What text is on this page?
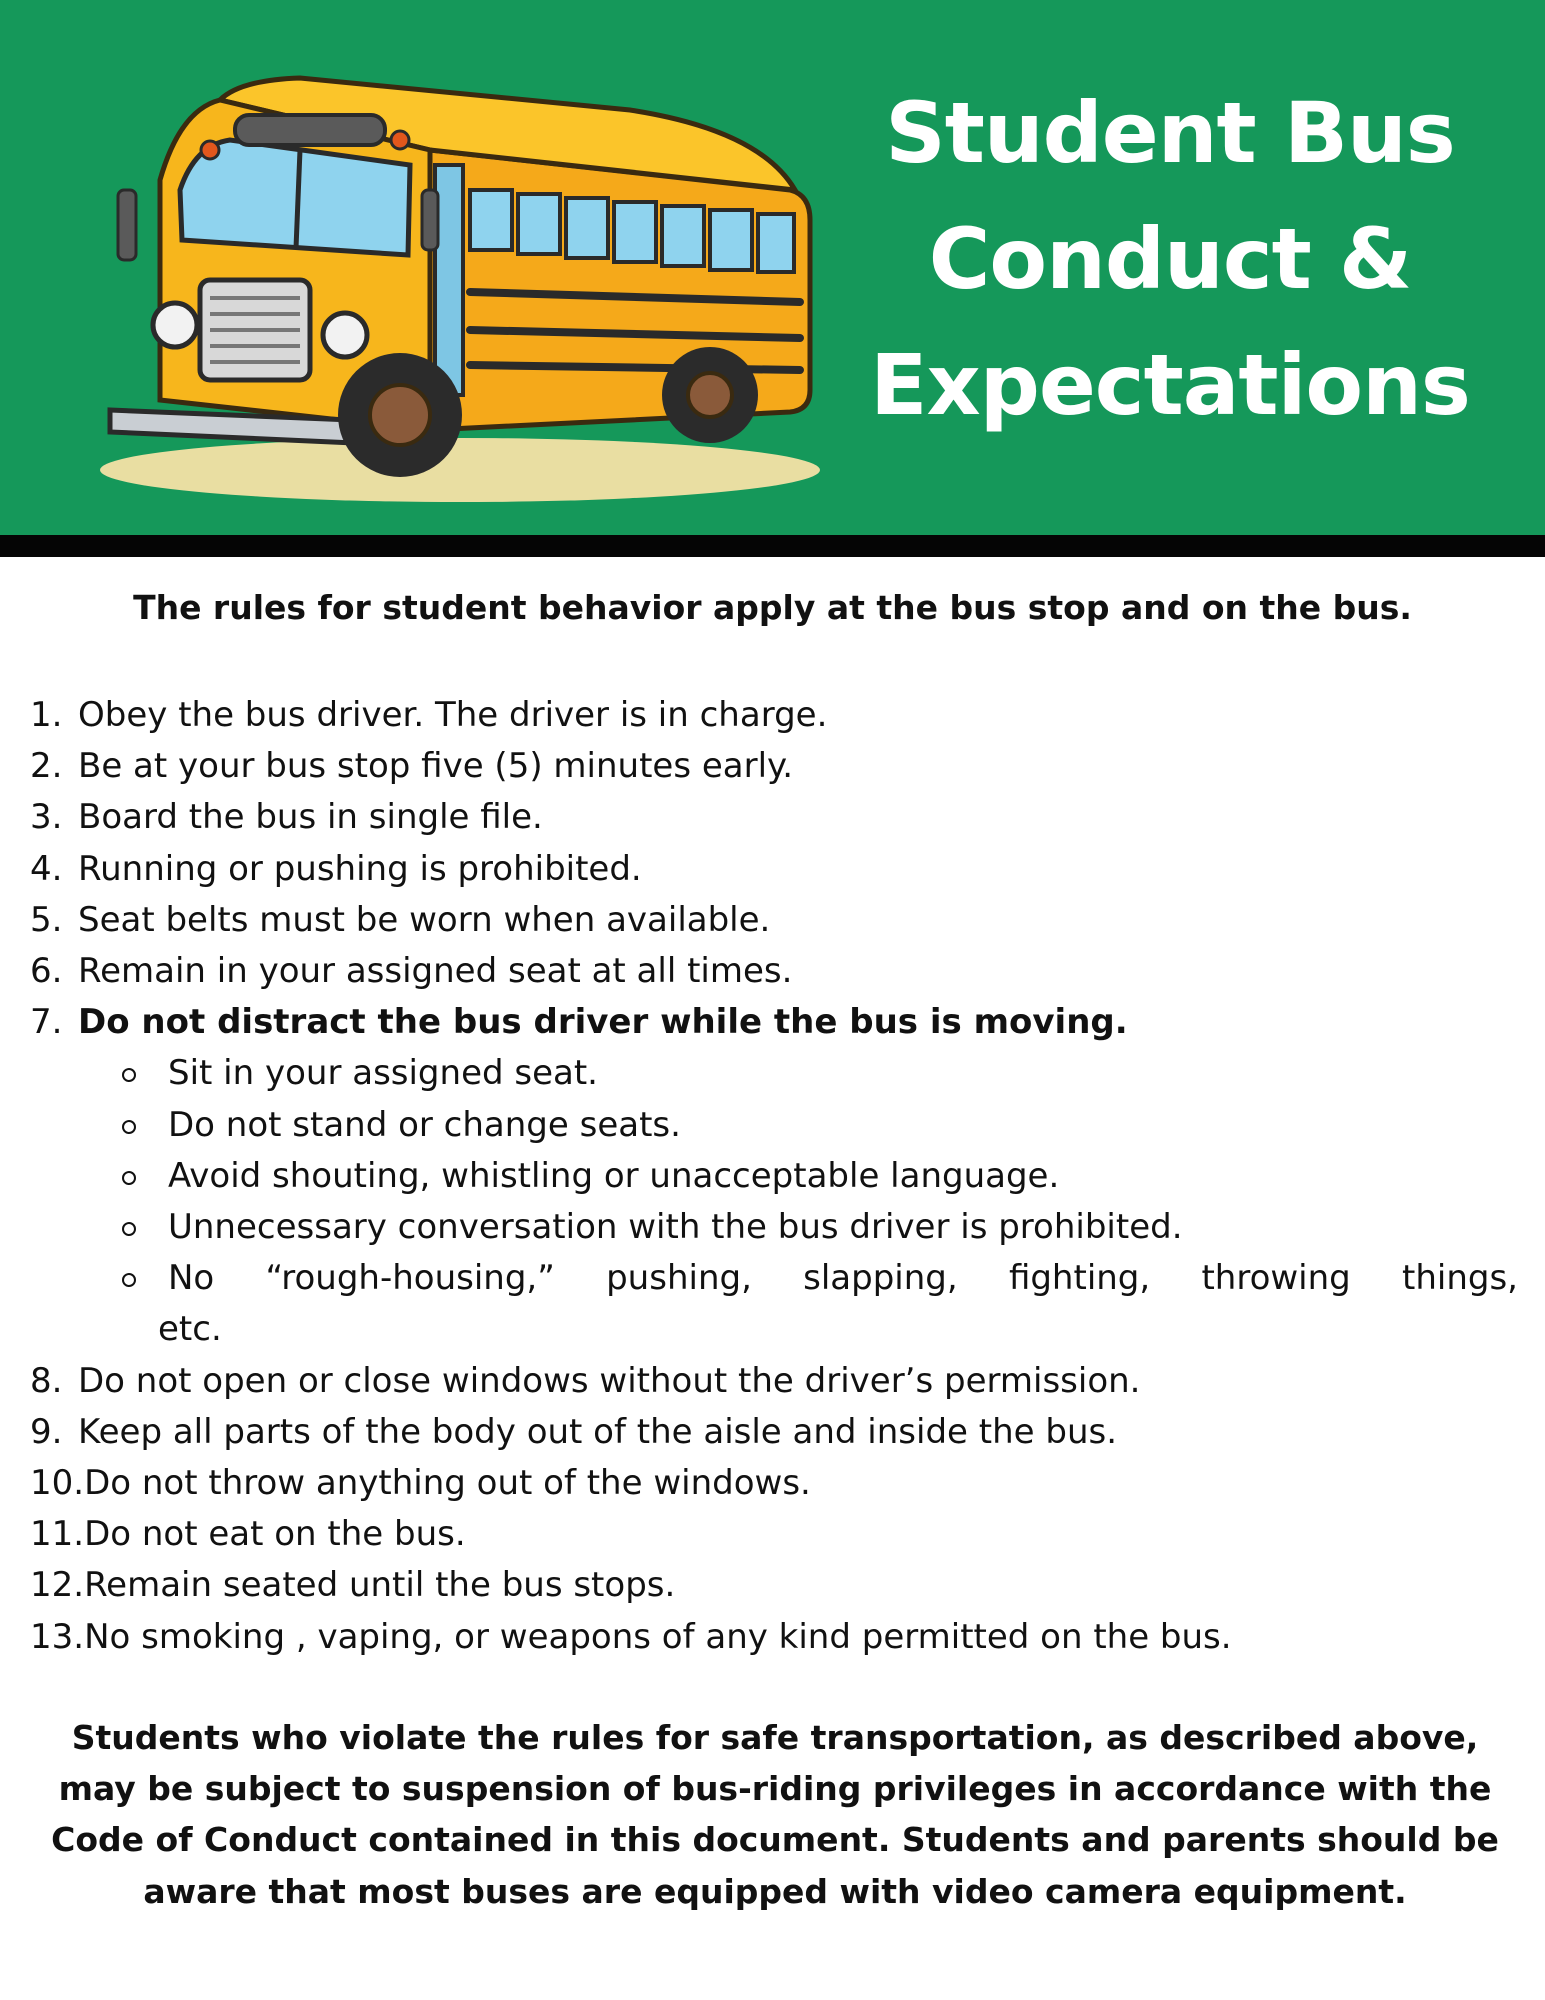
Student Bus
Conduct &
Expectations

The rules for student behavior apply at the bus stop and on the bus.

1. Obey the bus driver. The driver is in charge.
2. Be at your bus stop five (5) minutes early.
3. Board the bus in single file.
4. Running or pushing is prohibited.
5. Seat belts must be worn when available.
6. Remain in your assigned seat at all times.
7. Do not distract the bus driver while the bus is moving.
Sit in your assigned seat.
Do not stand or change seats.
Avoid shouting, whistling or unacceptable language.
Unnecessary conversation with the bus driver is prohibited.
No “rough-housing,” pushing, slapping, fighting, throwing things,
etc.
8. Do not open or close windows without the driver’s permission.
9. Keep all parts of the body out of the aisle and inside the bus.
10.Do not throw anything out of the windows.
11.Do not eat on the bus.
12.Remain seated until the bus stops.
13.No smoking , vaping, or weapons of any kind permitted on the bus.

Students who violate the rules for safe transportation, as described above, may be subject to suspension of bus-riding privileges in accordance with the Code of Conduct contained in this document. Students and parents should be aware that most buses are equipped with video camera equipment.
